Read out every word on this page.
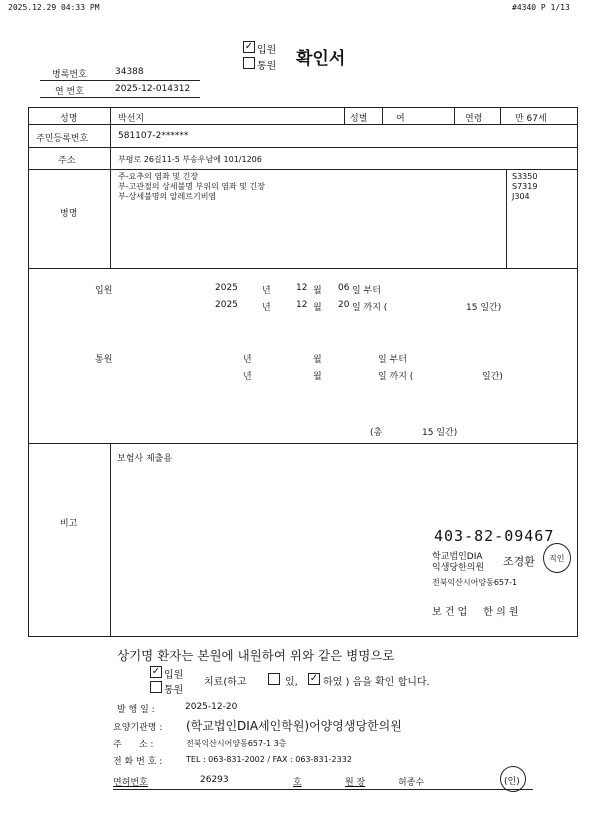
2025.12.29 04:33 PM	#4340 P 1/13
✓ 입원
통원 확인서
병록번호	34388
연 번호	2025-12-014312
성명	박선지	성별	여	연령	만 67세
주민등록번호	581107-2******
주소	부평로 26길11-5 부송우남에 101/1206
병명
주-요추의 염좌 및 긴장
부-고관절의 상세불명 부위의 염좌 및 긴장
부-상세불명의 알레르기비염
S3350
S7319
J304
입원	2025	년	12 월 06 일 부터
2025	년	12 월 20 일 까지 (	15 일간)
통원	년	월	일 부터
년	월	일 까지 (	일간)
(총	15 일간)
비고
보험사 제출용
403-82-09467
학교법인DIA
익생당한의원 조경환 직인
전북익산시어양동657-1
보 건 업     한 의 원
상기명 환자는 본원에 내원하여 위와 같은 병명으로
✓ 입원
통원
치료(하고	있, ✓ 하였 ) 음을 확인 합니다.
발 행 일 :	2025-12-20
요양기관명 : (학교법인DIA세인학원)어양영생당한의원
주      소 :	전북익산시어양동657-1 3층
전 화 번 호 :	TEL : 063-831-2002 / FAX : 063-831-2332
면허번호	26293	호	원 장	허종수	(인)
